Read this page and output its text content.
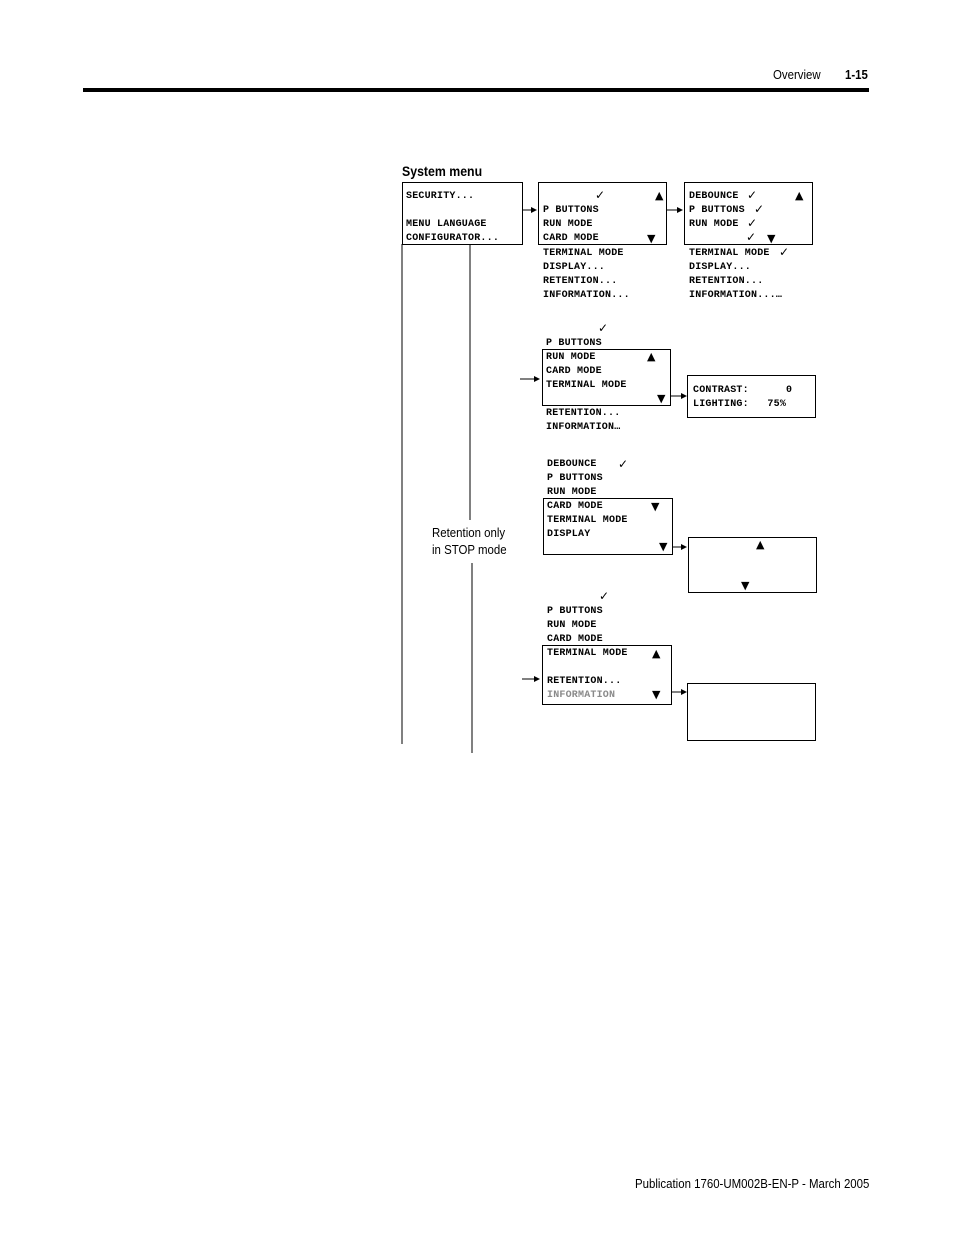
Overview 1-15
System menu
SECURITY...
MENU LANGUAGE
CONFIGURATOR...
✓	▲
P BUTTONS
RUN MODE
CARD MODE	▼
TERMINAL MODE
DISPLAY...
RETENTION...
INFORMATION...
DEBOUNCE ✓	▲
P BUTTONS ✓
RUN MODE ✓
✓ ▼
TERMINAL MODE ✓
DISPLAY...
RETENTION...
INFORMATION...…
✓
P BUTTONS
RUN MODE	▲
CARD MODE
TERMINAL MODE
▼
RETENTION...
INFORMATION…
CONTRAST:      0
LIGHTING:   75%
DEBOUNCE ✓
P BUTTONS
RUN MODE
CARD MODE	▼
TERMINAL MODE
DISPLAY
▼	▲
▼
Retention only
in STOP mode
✓
P BUTTONS
RUN MODE
CARD MODE
TERMINAL MODE ▲
RETENTION...
INFORMATION	▼
Publication 1760-UM002B-EN-P - March 2005
